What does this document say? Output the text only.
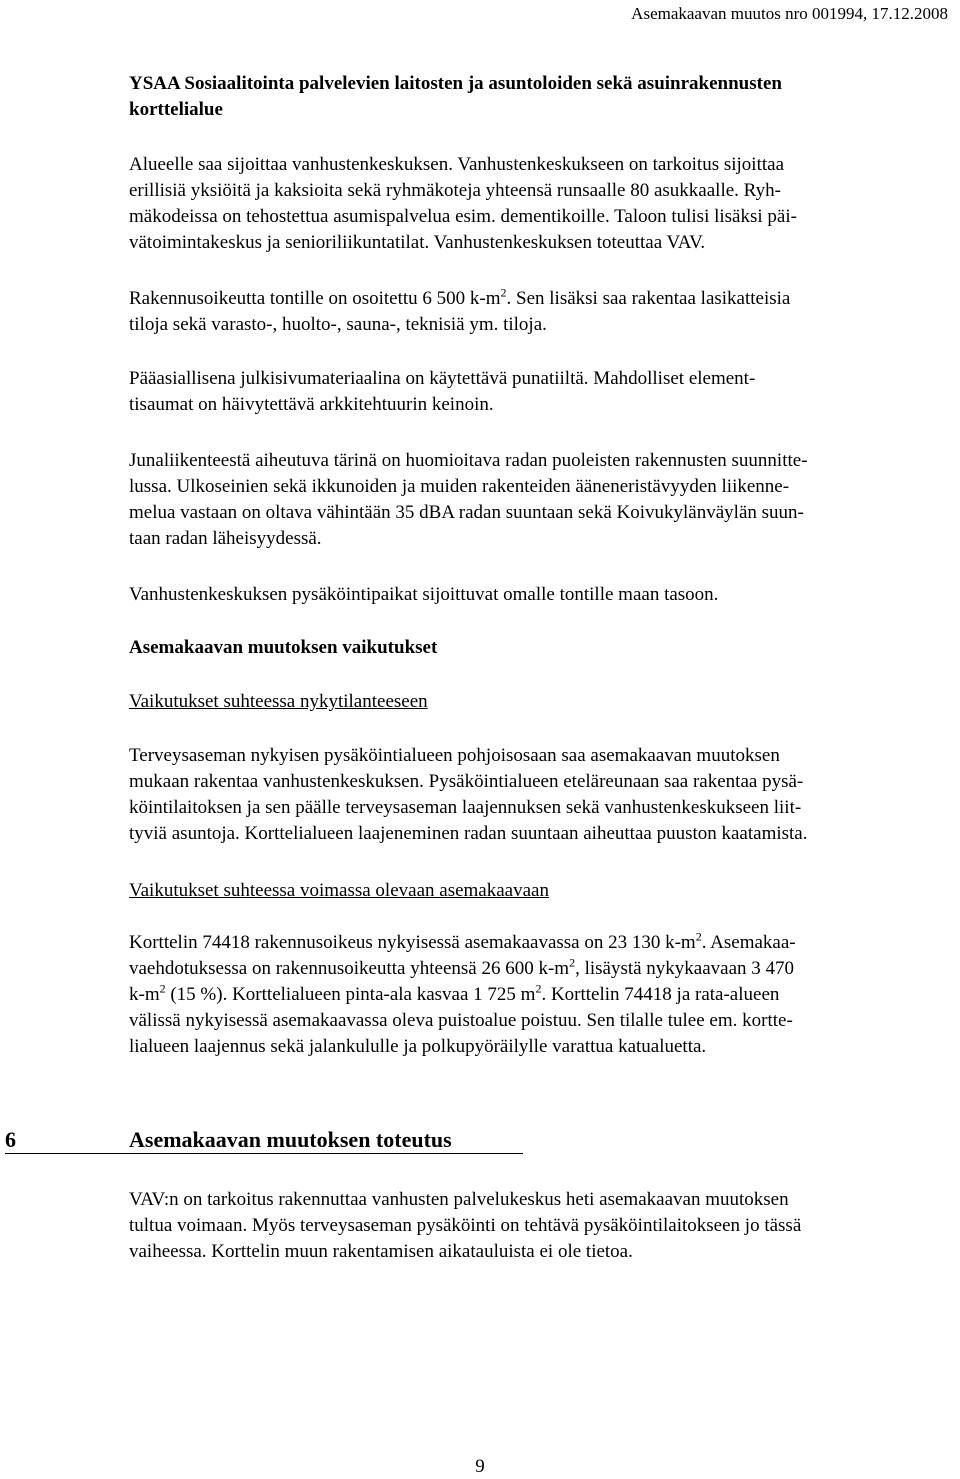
Asemakaavan muutos nro 001994, 17.12.2008
YSAA Sosiaalitointa palvelevien laitosten ja asuntoloiden sekä asuinrakennusten
korttelialue
Alueelle saa sijoittaa vanhustenkeskuksen. Vanhustenkeskukseen on tarkoitus sijoittaa
erillisiä yksiöitä ja kaksioita sekä ryhmäkoteja yhteensä runsaalle 80 asukkaalle. Ryh-
mäkodeissa on tehostettua asumispalvelua esim. dementikoille. Taloon tulisi lisäksi päi-
vätoimintakeskus ja senioriliikuntatilat. Vanhustenkeskuksen toteuttaa VAV.
Rakennusoikeutta tontille on osoitettu 6 500 $k-m^2$. Sen lisäksi saa rakentaa lasikatteisia
tiloja sekä varasto-, huolto-, sauna-, teknisiä ym. tiloja.
Pääasiallisena julkisivumateriaalina on käytettävä punatiiltä. Mahdolliset element-
tisaumat on häivytettävä arkkitehtuurin keinoin.
Junaliikenteestä aiheutuva tärinä on huomioitava radan puoleisten rakennusten suunnitte-
lussa. Ulkoseinien sekä ikkunoiden ja muiden rakenteiden ääneneristävyyden liikenne-
melua vastaan on oltava vähintään 35 dBA radan suuntaan sekä Koivukylänväylän suun-
taan radan läheisyydessä.
Vanhustenkeskuksen pysäköintipaikat sijoittuvat omalle tontille maan tasoon.
Asemakaavan muutoksen vaikutukset
Vaikutukset suhteessa nykytilanteeseen
Terveysaseman nykyisen pysäköintialueen pohjoisosaan saa asemakaavan muutoksen
mukaan rakentaa vanhustenkeskuksen. Pysäköintialueen eteläreunaan saa rakentaa pysä-
köintilaitoksen ja sen päälle terveysaseman laajennuksen sekä vanhustenkeskukseen liit-
tyviä asuntoja. Korttelialueen laajeneminen radan suuntaan aiheuttaa puuston kaatamista.
Vaikutukset suhteessa voimassa olevaan asemakaavaan
Korttelin 74418 rakennusoikeus nykyisessä asemakaavassa on 23 130 $k-m^2$. Asemakaa-
vaehdotuksessa on rakennusoikeutta yhteensä 26 600 $k-m^2$, lisäystä nykykaavaan 3 470
$k-m^2$ (15 %). Korttelialueen pinta-ala kasvaa 1 725 $m^2$. Korttelin 74418 ja rata-alueen
välissä nykyisessä asemakaavassa oleva puistoalue poistuu. Sen tilalle tulee em. kortte-
lialueen laajennus sekä jalankululle ja polkupyöräilylle varattua katualuetta.
6	Asemakaavan muutoksen toteutus
VAV:n on tarkoitus rakennuttaa vanhusten palvelukeskus heti asemakaavan muutoksen
tultua voimaan. Myös terveysaseman pysäköinti on tehtävä pysäköintilaitokseen jo tässä
vaiheessa. Korttelin muun rakentamisen aikatauluista ei ole tietoa.
9
